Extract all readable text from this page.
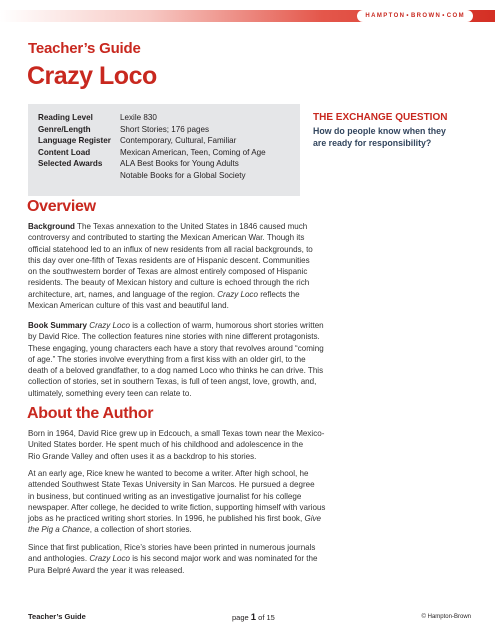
HAMPTON•BROWN•COM
Teacher’s Guide
Crazy Loco
Reading Level	Lexile 830
Genre/Length	Short Stories; 176 pages
Language Register	Contemporary, Cultural, Familiar
Content Load	Mexican American, Teen, Coming of Age
Selected Awards	ALA Best Books for Young Adults
	Notable Books for a Global Society
THE EXCHANGE QUESTION
How do people know when they
are ready for responsibility?
Overview
Background The Texas annexation to the United States in 1846 caused much
controversy and contributed to starting the Mexican American War. Though its
official statehood led to an influx of new residents from all racial backgrounds, to
this day over one-fifth of Texas residents are of Hispanic descent. Communities
on the southwestern border of Texas are almost entirely composed of Hispanic
residents. The beauty of Mexican history and culture is echoed through the rich
architecture, art, names, and language of the region. Crazy Loco reflects the
Mexican American culture of this vast and beautiful land.
Book Summary Crazy Loco is a collection of warm, humorous short stories written
by David Rice. The collection features nine stories with nine different protagonists.
These engaging, young characters each have a story that revolves around “coming
of age.” The stories involve everything from a first kiss with an older girl, to the
death of a beloved grandfather, to a dog named Loco who thinks he can drive. This
collection of stories, set in southern Texas, is full of teen angst, love, growth, and,
ultimately, something every teen can relate to.
About the Author
Born in 1964, David Rice grew up in Edcouch, a small Texas town near the Mexico-
United States border. He spent much of his childhood and adolescence in the
Rio Grande Valley and often uses it as a backdrop to his stories.
At an early age, Rice knew he wanted to become a writer. After high school, he
attended Southwest State Texas University in San Marcos. He pursued a degree
in business, but continued writing as an investigative journalist for his college
newspaper. After college, he decided to write fiction, supporting himself with various
jobs as he practiced writing short stories. In 1996, he published his first book, Give
the Pig a Chance, a collection of short stories.
Since that first publication, Rice’s stories have been printed in numerous journals
and anthologies. Crazy Loco is his second major work and was nominated for the
Pura Belpré Award the year it was released.
Teacher’s Guide	page 1 of 15	© Hampton-Brown
